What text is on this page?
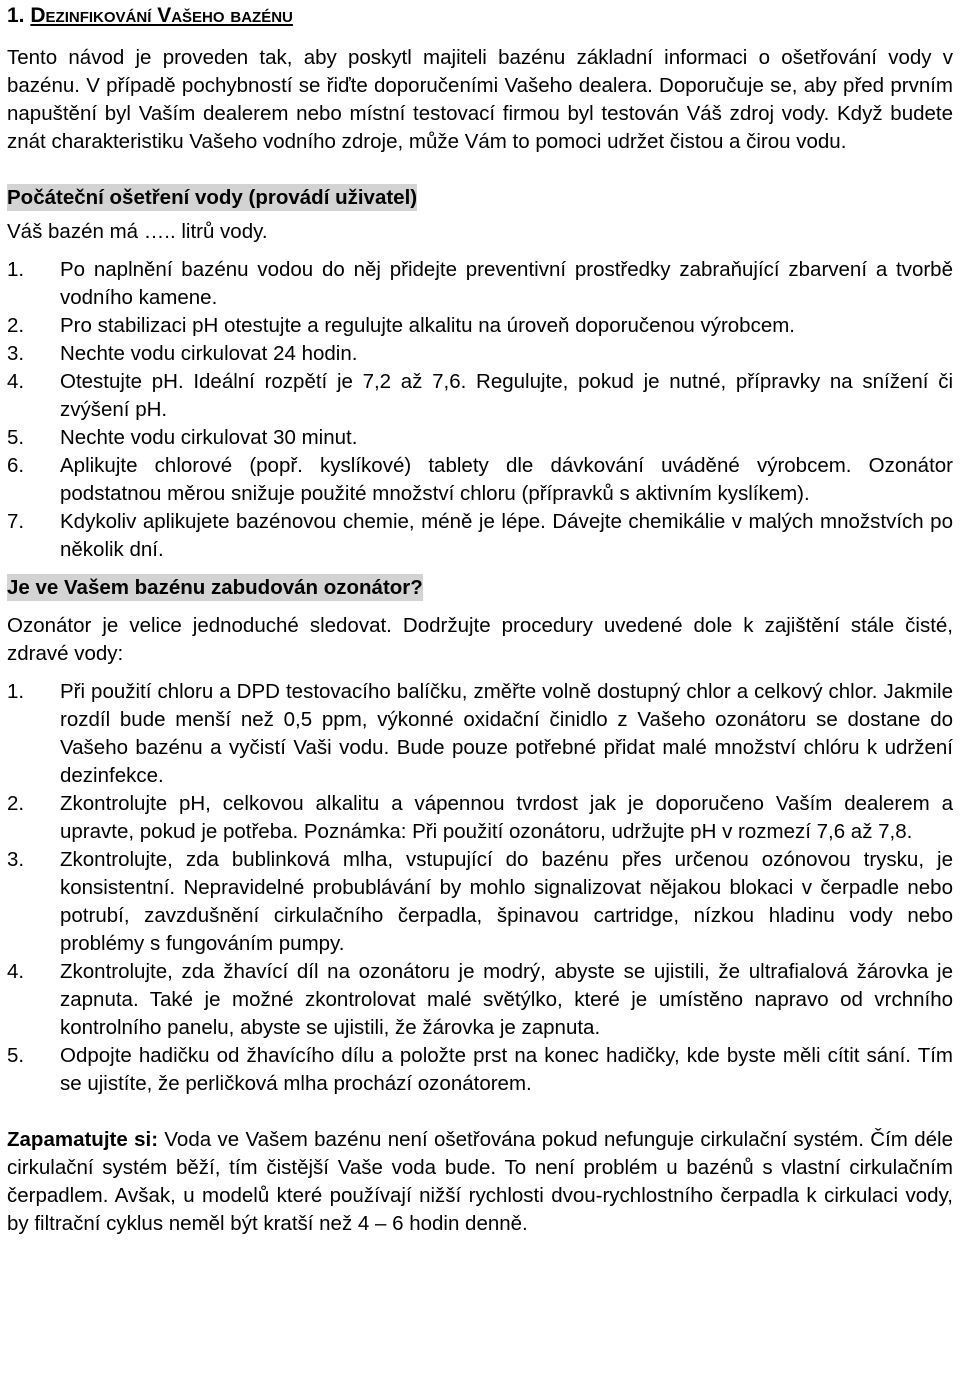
1. Dezinfikování Vašeho bazénu

Tento návod je proveden tak, aby poskytl majiteli bazénu základní informaci o ošetřování vody v bazénu. V případě pochybností se řiďte doporučeními Vašeho dealera. Doporučuje se, aby před prvním napuštění byl Vaším dealerem nebo místní testovací firmou byl testován Váš zdroj vody. Když budete znát charakteristiku Vašeho vodního zdroje, může Vám to pomoci udržet čistou a čirou vodu.

Počáteční ošetření vody (provádí uživatel)

Váš bazén má ….. litrů vody.

1.	Po naplnění bazénu vodou do něj přidejte preventivní prostředky zabraňující zbarvení a tvorbě vodního kamene.
2.	Pro stabilizaci pH otestujte a regulujte alkalitu na úroveň doporučenou výrobcem.
3.	Nechte vodu cirkulovat 24 hodin.
4.	Otestujte pH. Ideální rozpětí je 7,2 až 7,6. Regulujte, pokud je nutné, přípravky na snížení či zvýšení pH.
5.	Nechte vodu cirkulovat 30 minut.
6.	Aplikujte chlorové (popř. kyslíkové) tablety dle dávkování uváděné výrobcem. Ozonátor podstatnou měrou snižuje použité množství chloru (přípravků s aktivním kyslíkem).
7.	Kdykoliv aplikujete bazénovou chemie, méně je lépe. Dávejte chemikálie v malých množstvích po několik dní.
Je ve Vašem bazénu zabudován ozonátor?

Ozonátor je velice jednoduché sledovat. Dodržujte procedury uvedené dole k zajištění stále čisté, zdravé vody:

1.	Při použití chloru a DPD testovacího balíčku, změřte volně dostupný chlor a celkový chlor. Jakmile rozdíl bude menší než 0,5 ppm, výkonné oxidační činidlo z Vašeho ozonátoru se dostane do Vašeho bazénu a vyčistí Vaši vodu. Bude pouze potřebné přidat malé množství chlóru k udržení dezinfekce.
2.	Zkontrolujte pH, celkovou alkalitu a vápennou tvrdost jak je doporučeno Vaším dealerem a upravte, pokud je potřeba. Poznámka: Při použití ozonátoru, udržujte pH v rozmezí 7,6 až 7,8.
3.	Zkontrolujte, zda bublinková mlha, vstupující do bazénu přes určenou ozónovou trysku, je konsistentní. Nepravidelné probublávání by mohlo signalizovat nějakou blokaci v čerpadle nebo potrubí, zavzdušnění cirkulačního čerpadla, špinavou cartridge, nízkou hladinu vody nebo problémy s fungováním pumpy.
4.	Zkontrolujte, zda žhavící díl na ozonátoru je modrý, abyste se ujistili, že ultrafialová žárovka je zapnuta. Také je možné zkontrolovat malé světýlko, které je umístěno napravo od vrchního kontrolního panelu, abyste se ujistili, že žárovka je zapnuta.
5.	Odpojte hadičku od žhavícího dílu a položte prst na konec hadičky, kde byste měli cítit sání. Tím se ujistíte, že perličková mlha prochází ozonátorem.

Zapamatujte si: Voda ve Vašem bazénu není ošetřována pokud nefunguje cirkulační systém. Čím déle cirkulační systém běží, tím čistější Vaše voda bude. To není problém u bazénů s vlastní cirkulačním čerpadlem. Avšak, u modelů které používají nižší rychlosti dvou-rychlostního čerpadla k cirkulaci vody, by filtrační cyklus neměl být kratší než 4 – 6 hodin denně.
